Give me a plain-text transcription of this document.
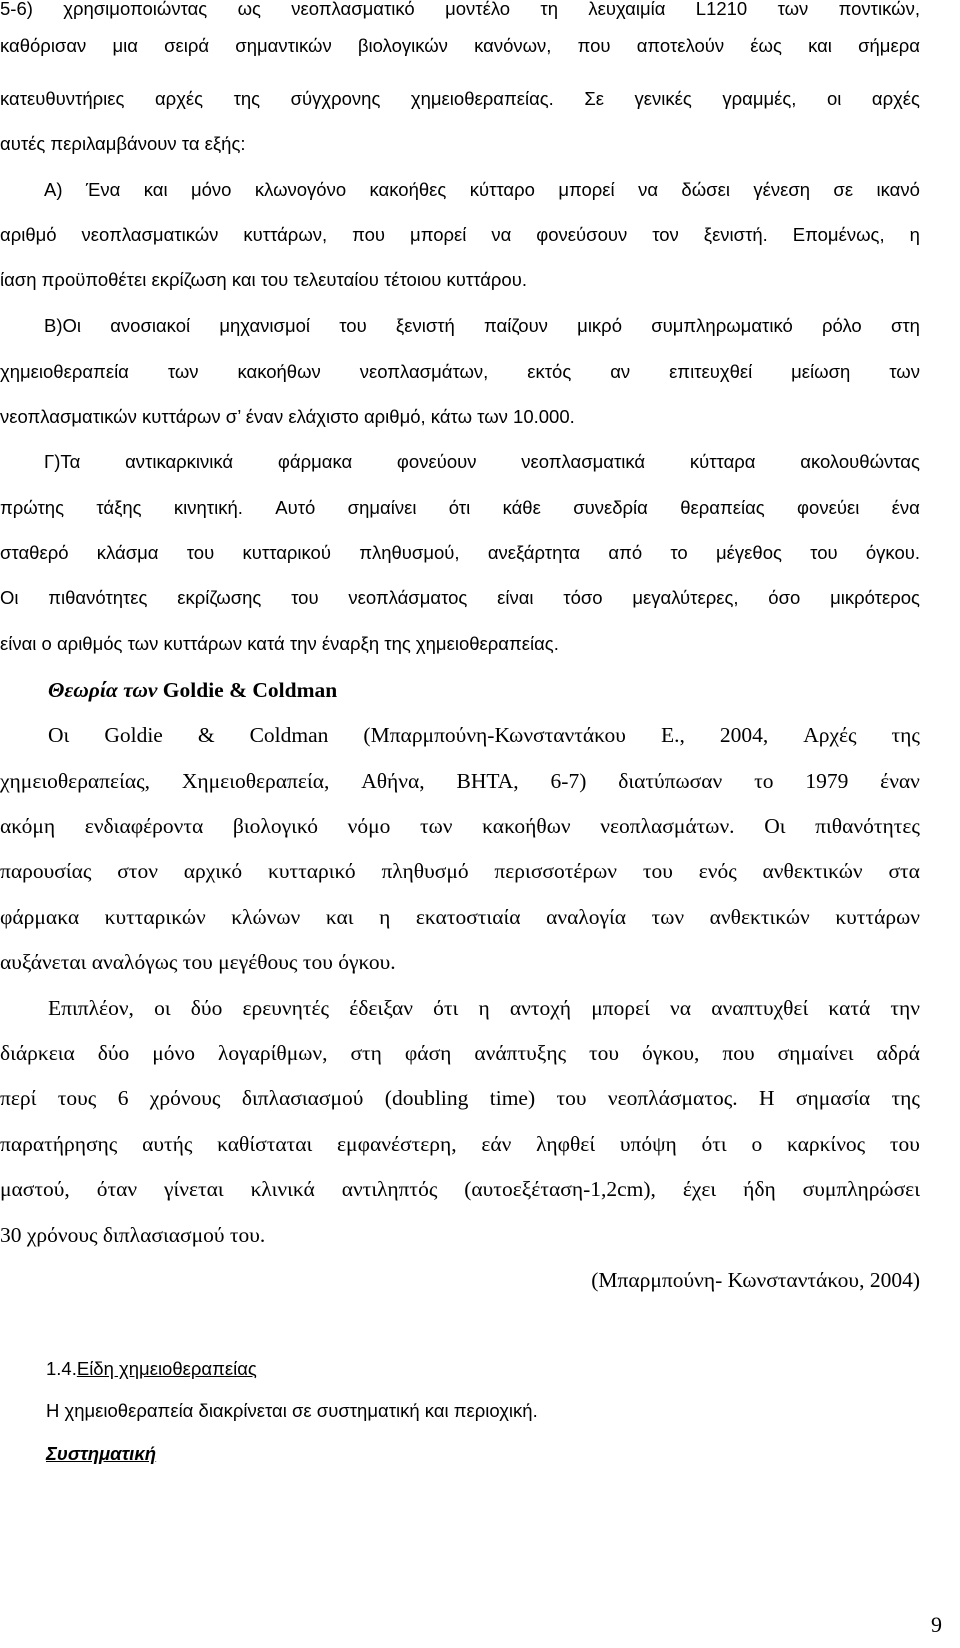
5-6) χρησιμοποιώντας ως νεοπλασματικό μοντέλο τη λευχαιμία L1210 των ποντικών,

καθόρισαν μια σειρά σημαντικών βιολογικών κανόνων, που αποτελούν έως και σήμερα

κατευθυντήριες αρχές της σύγχρονης χημειοθεραπείας. Σε γενικές γραμμές, οι αρχές

αυτές περιλαμβάνουν τα εξής:

Α) Ένα και μόνο κλωνογόνο κακοήθες κύτταρο μπορεί να δώσει γένεση σε ικανό

αριθμό νεοπλασματικών κυττάρων, που μπορεί να φονεύσουν τον ξενιστή. Επομένως, η

ίαση προϋποθέτει εκρίζωση και του τελευταίου τέτοιου κυττάρου.

Β)Οι ανοσιακοί μηχανισμοί του ξενιστή παίζουν μικρό συμπληρωματικό ρόλο στη

χημειοθεραπεία των κακοήθων νεοπλασμάτων, εκτός αν επιτευχθεί μείωση των

νεοπλασματικών κυττάρων σ’ έναν ελάχιστο αριθμό, κάτω των 10.000.

Γ)Τα αντικαρκινικά φάρμακα φονεύουν νεοπλασματικά κύτταρα ακολουθώντας

πρώτης τάξης κινητική. Αυτό σημαίνει ότι κάθε συνεδρία θεραπείας φονεύει ένα

σταθερό κλάσμα του κυτταρικού πληθυσμού, ανεξάρτητα από το μέγεθος του όγκου.

Οι πιθανότητες εκρίζωσης του νεοπλάσματος είναι τόσο μεγαλύτερες, όσο μικρότερος

είναι ο αριθμός των κυττάρων κατά την έναρξη της χημειοθεραπείας.

Θεωρία των
Goldie & Coldman

Οι Goldie & Coldman (Μπαρμπούνη-Κωνσταντάκου Ε., 2004, Αρχές της

χημειοθεραπείας, Χημειοθεραπεία, Αθήνα, ΒΗΤΑ, 6-7) διατύπωσαν το 1979 έναν

ακόμη ενδιαφέροντα βιολογικό νόμο των κακοήθων νεοπλασμάτων. Οι πιθανότητες

παρουσίας στον αρχικό κυτταρικό πληθυσμό περισσοτέρων του ενός ανθεκτικών στα

φάρμακα κυτταρικών κλώνων και η εκατοστιαία αναλογία των ανθεκτικών κυττάρων

αυξάνεται αναλόγως του μεγέθους του όγκου.

Επιπλέον, οι δύο ερευνητές έδειξαν ότι η αντοχή μπορεί να αναπτυχθεί κατά την

διάρκεια δύο μόνο λογαρίθμων, στη φάση ανάπτυξης του όγκου, που σημαίνει αδρά

περί τους 6 χρόνους διπλασιασμού (doubling time) του νεοπλάσματος. Η σημασία της

παρατήρησης αυτής καθίσταται εμφανέστερη, εάν ληφθεί υπόψη ότι ο καρκίνος του

μαστού, όταν γίνεται κλινικά αντιληπτός (αυτοεξέταση-1,2cm), έχει ήδη συμπληρώσει

30 χρόνους διπλασιασμού του.

(Μπαρμπούνη- Κωνσταντάκου, 2004)

1.4. Είδη χημειοθεραπείας

Η χημειοθεραπεία διακρίνεται σε συστηματική και περιοχική.

Συστηματική

9
